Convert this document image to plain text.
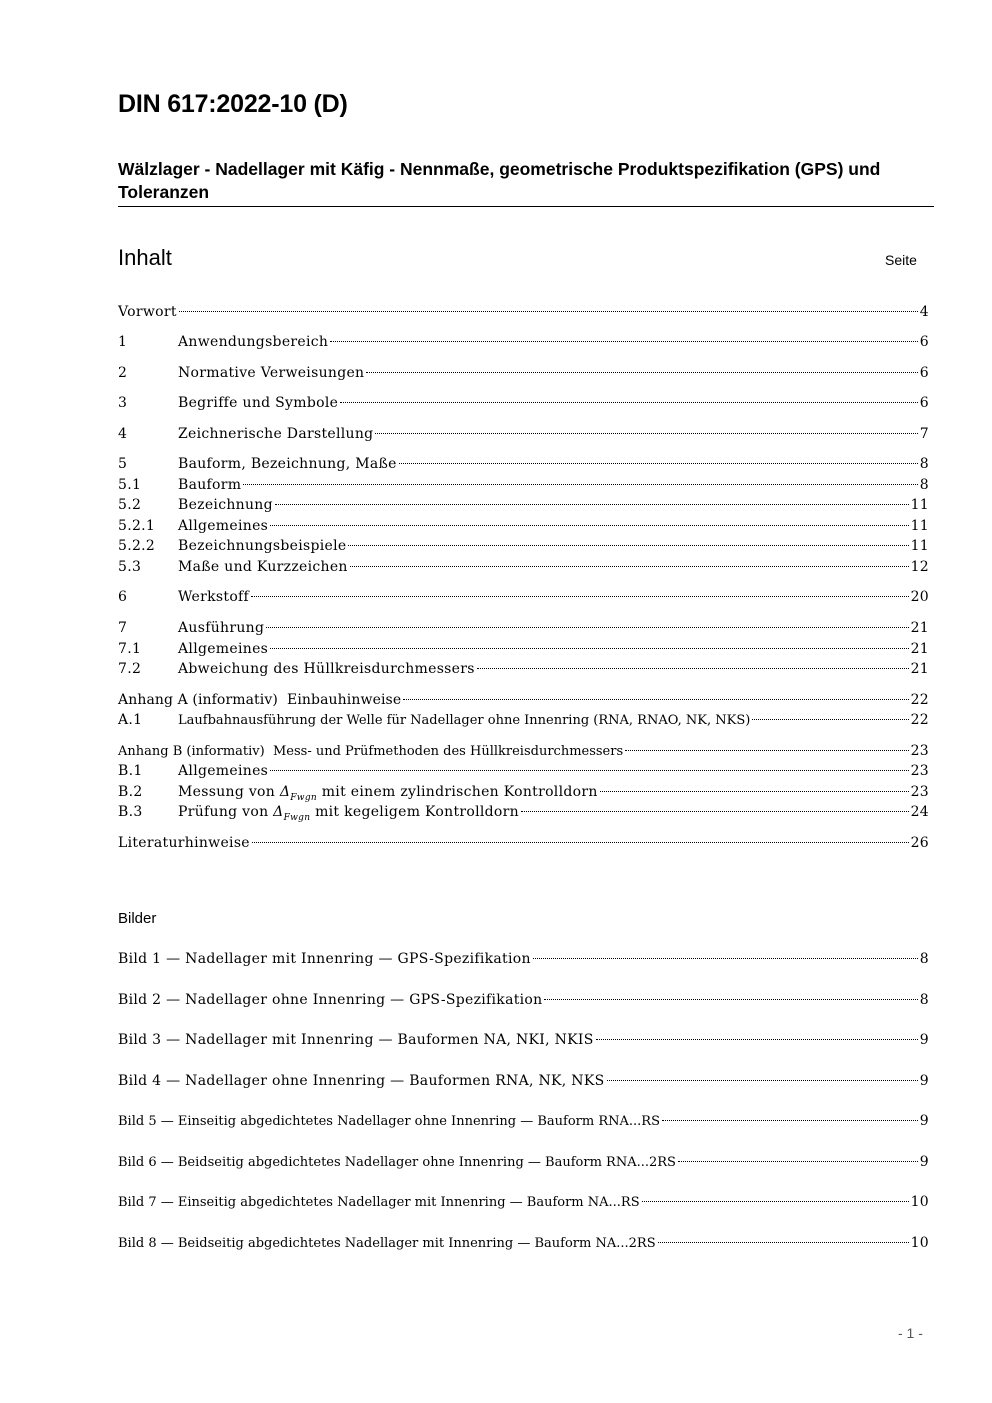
DIN 617:2022-10 (D)
Wälzlager - Nadellager mit Käfig - Nennmaße, geometrische Produktspezifikation (GPS) und Toleranzen
Inhalt	Seite
Vorwort	4
1	Anwendungsbereich	6
2	Normative Verweisungen	6
3	Begriffe und Symbole	6
4	Zeichnerische Darstellung	7
5	Bauform, Bezeichnung, Maße	8
5.1	Bauform	8
5.2	Bezeichnung	11
5.2.1	Allgemeines	11
5.2.2	Bezeichnungsbeispiele	11
5.3	Maße und Kurzzeichen	12
6	Werkstoff	20
7	Ausführung	21
7.1	Allgemeines	21
7.2	Abweichung des Hüllkreisdurchmessers	21
Anhang A (informativ)  Einbauhinweise	22
A.1	Laufbahnausführung der Welle für Nadellager ohne Innenring (RNA, RNAO, NK, NKS)	22
Anhang B (informativ)  Mess- und Prüfmethoden des Hüllkreisdurchmessers	23
B.1	Allgemeines	23
B.2	Messung von $\Delta_{Fwgn}$ mit einem zylindrischen Kontrolldorn	23
B.3	Prüfung von $\Delta_{Fwgn}$ mit kegeligem Kontrolldorn	24
Literaturhinweise	26
Bilder
Bild 1 — Nadellager mit Innenring — GPS-Spezifikation	8
Bild 2 — Nadellager ohne Innenring — GPS-Spezifikation	8
Bild 3 — Nadellager mit Innenring — Bauformen NA, NKI, NKIS	9
Bild 4 — Nadellager ohne Innenring — Bauformen RNA, NK, NKS	9
Bild 5 — Einseitig abgedichtetes Nadellager ohne Innenring — Bauform RNA...RS	9
Bild 6 — Beidseitig abgedichtetes Nadellager ohne Innenring — Bauform RNA...2RS	9
Bild 7 — Einseitig abgedichtetes Nadellager mit Innenring — Bauform NA...RS	10
Bild 8 — Beidseitig abgedichtetes Nadellager mit Innenring — Bauform NA...2RS	10
- 1 -
